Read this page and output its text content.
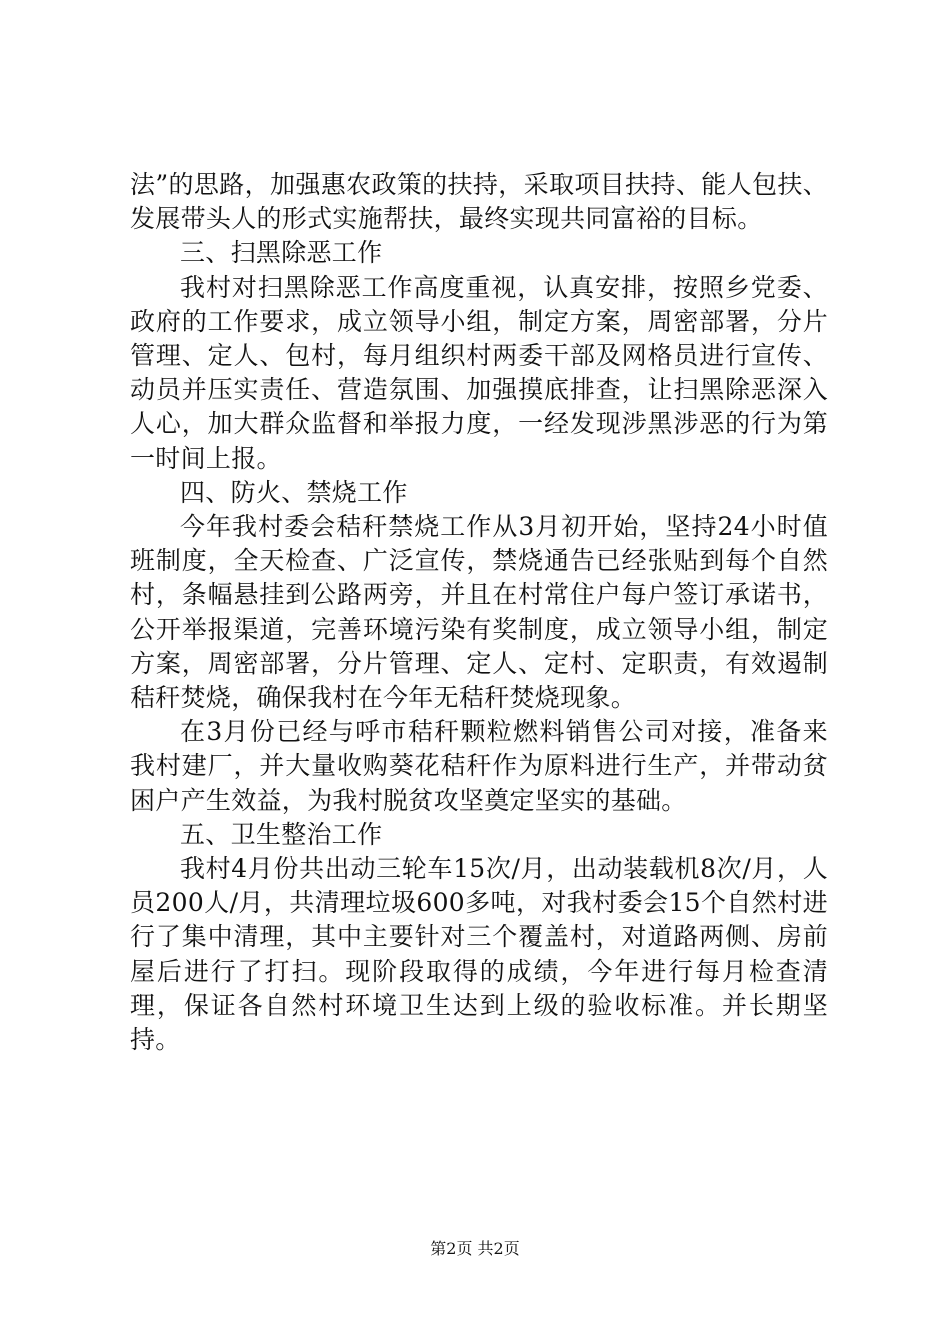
法”的思路，加强惠农政策的扶持，采取项目扶持、能人包扶、发展带头人的形式实施帮扶，最终实现共同富裕的目标。

三、扫黑除恶工作

我村对扫黑除恶工作高度重视，认真安排，按照乡党委、政府的工作要求，成立领导小组，制定方案，周密部署，分片管理、定人、包村，每月组织村两委干部及网格员进行宣传、动员并压实责任、营造氛围、加强摸底排查，让扫黑除恶深入人心，加大群众监督和举报力度，一经发现涉黑涉恶的行为第一时间上报。

四、防火、禁烧工作

今年我村委会秸秆禁烧工作从3月初开始，坚持24小时值班制度，全天检查、广泛宣传，禁烧通告已经张贴到每个自然村，条幅悬挂到公路两旁，并且在村常住户每户签订承诺书，公开举报渠道，完善环境污染有奖制度，成立领导小组，制定方案，周密部署，分片管理、定人、定村、定职责，有效遏制秸秆焚烧，确保我村在今年无秸秆焚烧现象。

在3月份已经与呼市秸秆颗粒燃料销售公司对接，准备来我村建厂，并大量收购葵花秸秆作为原料进行生产，并带动贫困户产生效益，为我村脱贫攻坚奠定坚实的基础。

五、卫生整治工作

我村4月份共出动三轮车15次/月，出动装载机8次/月，人员200人/月，共清理垃圾600多吨，对我村委会15个自然村进行了集中清理，其中主要针对三个覆盖村，对道路两侧、房前屋后进行了打扫。现阶段取得的成绩，今年进行每月检查清理，保证各自然村环境卫生达到上级的验收标准。并长期坚持。

第2页 共2页
